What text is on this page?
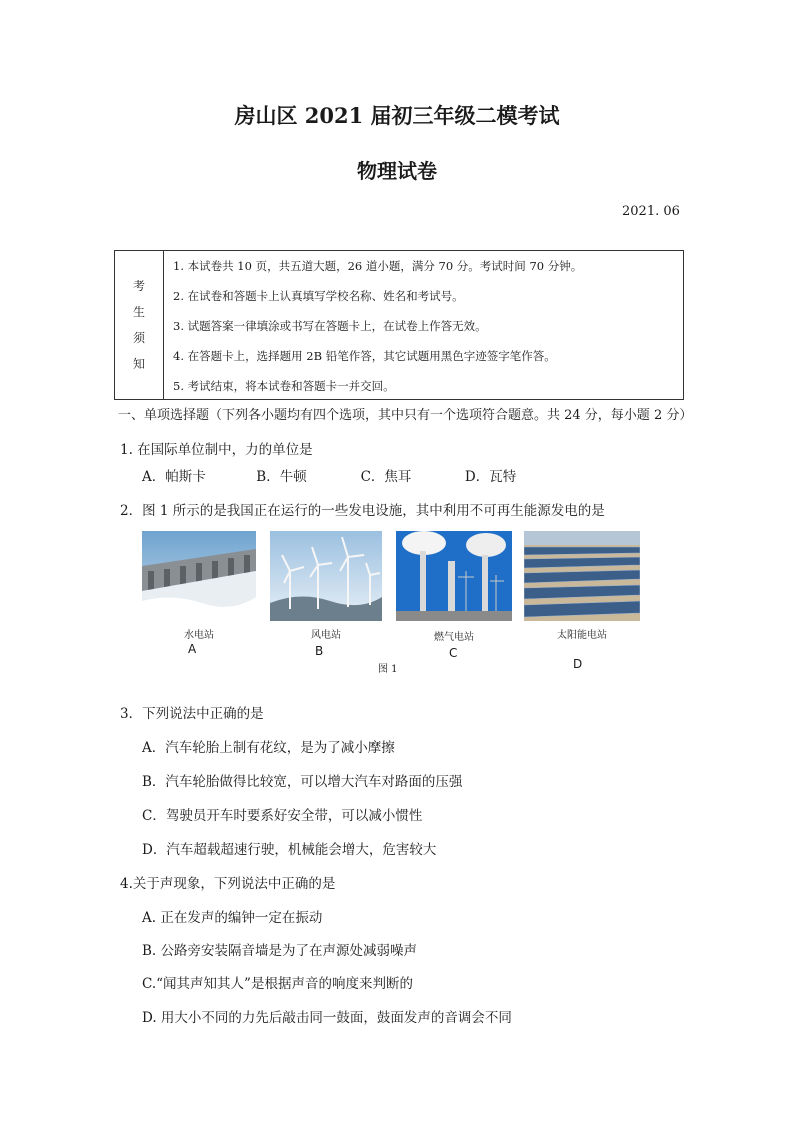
房山区 2021 届初三年级二模考试
物理试卷
2021. 06
考
生
须
知
1. 本试卷共 10 页，共五道大题，26 道小题，满分 70 分。考试时间 70 分钟。
2. 在试卷和答题卡上认真填写学校名称、姓名和考试号。
3. 试题答案一律填涂或书写在答题卡上，在试卷上作答无效。
4. 在答题卡上，选择题用 2B 铅笔作答，其它试题用黑色字迹签字笔作答。
5. 考试结束，将本试卷和答题卡一并交回。
一、单项选择题（下列各小题均有四个选项，其中只有一个选项符合题意。共 24 分，每小题 2 分）
1. 在国际单位制中，力的单位是
A．帕斯卡	B．牛顿	C．焦耳	D．瓦特
2．图 1 所示的是我国正在运行的一些发电设施，其中利用不可再生能源发电的是
水电站
A
风电站
B
燃气电站
C
太阳能电站
D
图 1
3．下列说法中正确的是
A．汽车轮胎上制有花纹，是为了减小摩擦
B．汽车轮胎做得比较宽，可以增大汽车对路面的压强
C．驾驶员开车时要系好安全带，可以减小惯性
D．汽车超载超速行驶，机械能会增大，危害较大
4.关于声现象，下列说法中正确的是
A. 正在发声的编钟一定在振动
B. 公路旁安装隔音墙是为了在声源处减弱噪声
C.“闻其声知其人”是根据声音的响度来判断的
D. 用大小不同的力先后敲击同一鼓面，鼓面发声的音调会不同
